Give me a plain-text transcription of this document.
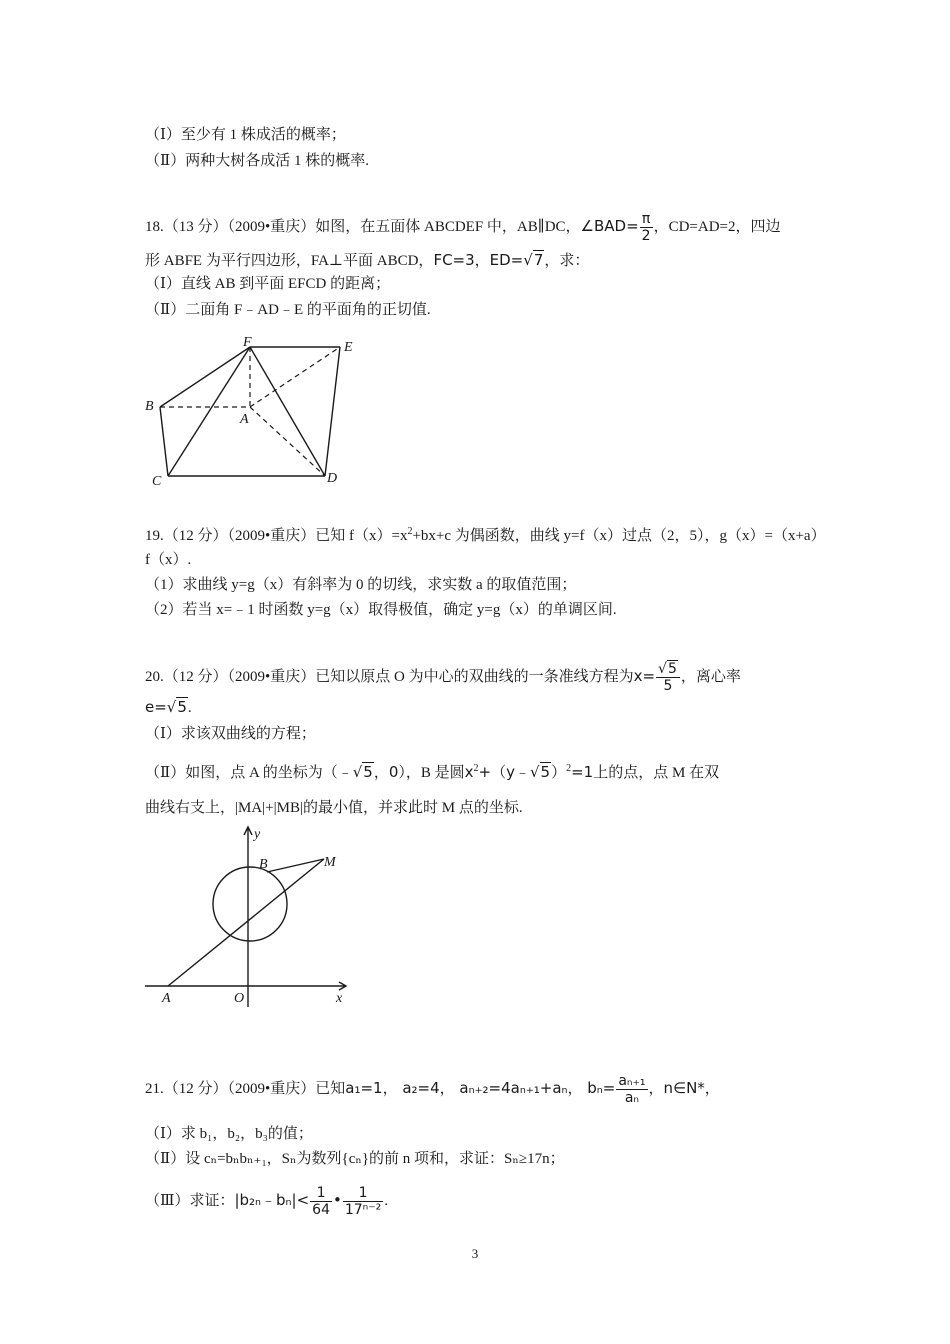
（Ⅰ）至少有 1 株成活的概率；
（Ⅱ）两种大树各成活 1 株的概率.
18.（13 分）（2009•重庆）如图，在五面体 ABCDEF 中，AB∥DC，∠BAD= $\frac{\pi}{2}$ ，CD=AD=2，四边
形 ABFE 为平行四边形，FA⊥平面 ABCD，FC=3，ED=√7，求：
（Ⅰ）直线 AB 到平面 EFCD 的距离；
（Ⅱ）二面角 F﹣AD﹣E 的平面角的正切值.
F	E
B
A
C	D
19.（12 分）（2009•重庆）已知 $f(x)=x^2+bx+c$ 为偶函数，曲线 y=f（x）过点（2，5），g（x）=（x+a）
f（x）.
（1）求曲线 y=g（x）有斜率为 0 的切线，求实数 a 的取值范围；
（2）若当 x=﹣1 时函数 y=g（x）取得极值，确定 y=g（x）的单调区间.
20.（12 分）（2009•重庆）已知以原点 O 为中心的双曲线的一条准线方程为$x= \frac{√5}{5}$ ，离心率
e=√5.
（Ⅰ）求该双曲线的方程；
（Ⅱ）如图，点 A 的坐标为（﹣√5，0），B 是圆$x^2+(y﹣√5)^2=1$上的点，点 M 在双
曲线右支上，|MA|+|MB|的最小值，并求此时 M 点的坐标.
y
B	M
A	O	x
21.（12 分）（2009•重庆）已知a₁=1， a₂=4， aₙ₊₂=4aₙ₊₁+aₙ， $b_n= \frac{\text{aₙ₊₁}}{\text{aₙ}}$ ，n∈N*，
（Ⅰ）求 b₁，b₂，b₃的值；
（Ⅱ）设 cₙ=bₙbₙ₊₁，Sₙ为数列{cₙ}的前 n 项和，求证：Sₙ≥17n；
（Ⅲ）求证：|b₂ₙ﹣bₙ|< $\frac{1}{64}$ • $\frac{1}{\text{17ⁿ⁻²}}$ .
3
